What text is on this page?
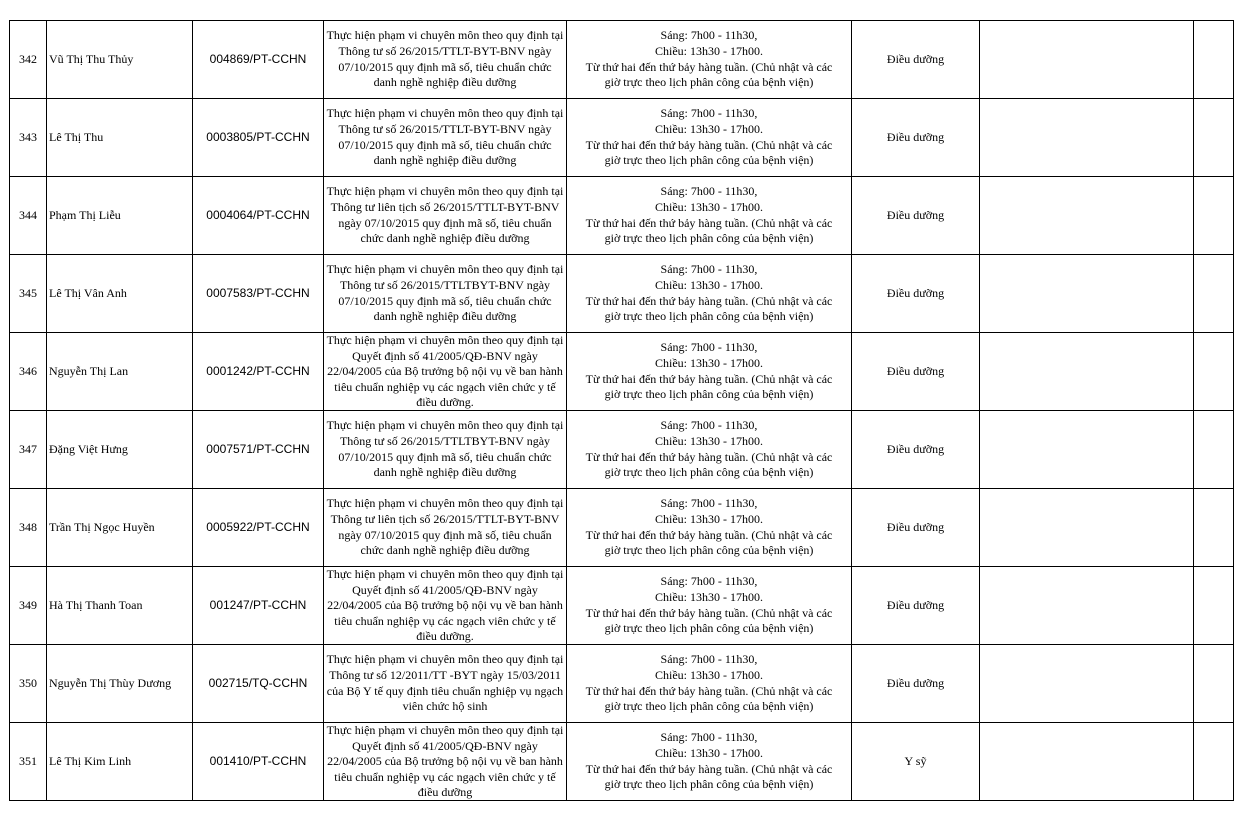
342	Vũ Thị Thu Thủy	004869/PT-CCHN	Thực hiện phạm vi chuyên môn theo quy định tại Thông tư số 26/2015/TTLT-BYT-BNV ngày 07/10/2015 quy định mã số, tiêu chuẩn chức danh nghề nghiệp điều dưỡng	Sáng: 7h00 - 11h30,
Chiều: 13h30 - 17h00.
Từ thứ hai đến thứ bảy hàng tuần. (Chủ nhật và các
giờ trực theo lịch phân công của bệnh viện)	Điều dưỡng		
343	Lê Thị Thu	0003805/PT-CCHN	Thực hiện phạm vi chuyên môn theo quy định tại Thông tư số 26/2015/TTLT-BYT-BNV ngày 07/10/2015 quy định mã số, tiêu chuẩn chức danh nghề nghiệp điều dưỡng	Sáng: 7h00 - 11h30,
Chiều: 13h30 - 17h00.
Từ thứ hai đến thứ bảy hàng tuần. (Chủ nhật và các
giờ trực theo lịch phân công của bệnh viện)	Điều dưỡng		
344	Phạm Thị Liễu	0004064/PT-CCHN	Thực hiện phạm vi chuyên môn theo quy định tại Thông tư liên tịch số 26/2015/TTLT-BYT-BNV ngày 07/10/2015 quy định mã số, tiêu chuẩn chức danh nghề nghiệp điều dưỡng	Sáng: 7h00 - 11h30,
Chiều: 13h30 - 17h00.
Từ thứ hai đến thứ bảy hàng tuần. (Chủ nhật và các
giờ trực theo lịch phân công của bệnh viện)	Điều dưỡng		
345	Lê Thị Vân Anh	0007583/PT-CCHN	Thực hiện phạm vi chuyên môn theo quy định tại Thông tư số 26/2015/TTLTBYT-BNV ngày 07/10/2015 quy định mã số, tiêu chuẩn chức danh nghề nghiệp điều dưỡng	Sáng: 7h00 - 11h30,
Chiều: 13h30 - 17h00.
Từ thứ hai đến thứ bảy hàng tuần. (Chủ nhật và các
giờ trực theo lịch phân công của bệnh viện)	Điều dưỡng		
346	Nguyễn Thị Lan	0001242/PT-CCHN	Thực hiện phạm vi chuyên môn theo quy định tại Quyết định số 41/2005/QĐ-BNV ngày 22/04/2005 của Bộ trưởng bộ nội vụ về ban hành tiêu chuẩn nghiệp vụ các ngạch viên chức y tế điều dưỡng.	Sáng: 7h00 - 11h30,
Chiều: 13h30 - 17h00.
Từ thứ hai đến thứ bảy hàng tuần. (Chủ nhật và các
giờ trực theo lịch phân công của bệnh viện)	Điều dưỡng		
347	Đặng Việt Hưng	0007571/PT-CCHN	Thực hiện phạm vi chuyên môn theo quy định tại Thông tư số 26/2015/TTLTBYT-BNV ngày 07/10/2015 quy định mã số, tiêu chuẩn chức danh nghề nghiệp điều dưỡng	Sáng: 7h00 - 11h30,
Chiều: 13h30 - 17h00.
Từ thứ hai đến thứ bảy hàng tuần. (Chủ nhật và các
giờ trực theo lịch phân công của bệnh viện)	Điều dưỡng		
348	Trần Thị Ngọc Huyền	0005922/PT-CCHN	Thực hiện phạm vi chuyên môn theo quy định tại Thông tư liên tịch số 26/2015/TTLT-BYT-BNV ngày 07/10/2015 quy định mã số, tiêu chuẩn chức danh nghề nghiệp điều dưỡng	Sáng: 7h00 - 11h30,
Chiều: 13h30 - 17h00.
Từ thứ hai đến thứ bảy hàng tuần. (Chủ nhật và các
giờ trực theo lịch phân công của bệnh viện)	Điều dưỡng		
349	Hà Thị Thanh Toan	001247/PT-CCHN	Thực hiện phạm vi chuyên môn theo quy định tại Quyết định số 41/2005/QĐ-BNV ngày 22/04/2005 của Bộ trưởng bộ nội vụ về ban hành tiêu chuẩn nghiệp vụ các ngạch viên chức y tế điều dưỡng.	Sáng: 7h00 - 11h30,
Chiều: 13h30 - 17h00.
Từ thứ hai đến thứ bảy hàng tuần. (Chủ nhật và các
giờ trực theo lịch phân công của bệnh viện)	Điều dưỡng		
350	Nguyễn Thị Thùy Dương	002715/TQ-CCHN	Thực hiện phạm vi chuyên môn theo quy định tại Thông tư số 12/2011/TT -BYT ngày 15/03/2011 của Bộ Y tế quy định tiêu chuẩn nghiệp vụ ngạch viên chức hộ sinh	Sáng: 7h00 - 11h30,
Chiều: 13h30 - 17h00.
Từ thứ hai đến thứ bảy hàng tuần. (Chủ nhật và các
giờ trực theo lịch phân công của bệnh viện)	Điều dưỡng		
351	Lê Thị Kim Linh	001410/PT-CCHN	Thực hiện phạm vi chuyên môn theo quy định tại Quyết định số 41/2005/QĐ-BNV ngày 22/04/2005 của Bộ trưởng bộ nội vụ về ban hành tiêu chuẩn nghiệp vụ các ngạch viên chức y tế điều dưỡng	Sáng: 7h00 - 11h30,
Chiều: 13h30 - 17h00.
Từ thứ hai đến thứ bảy hàng tuần. (Chủ nhật và các
giờ trực theo lịch phân công của bệnh viện)	Y sỹ		
